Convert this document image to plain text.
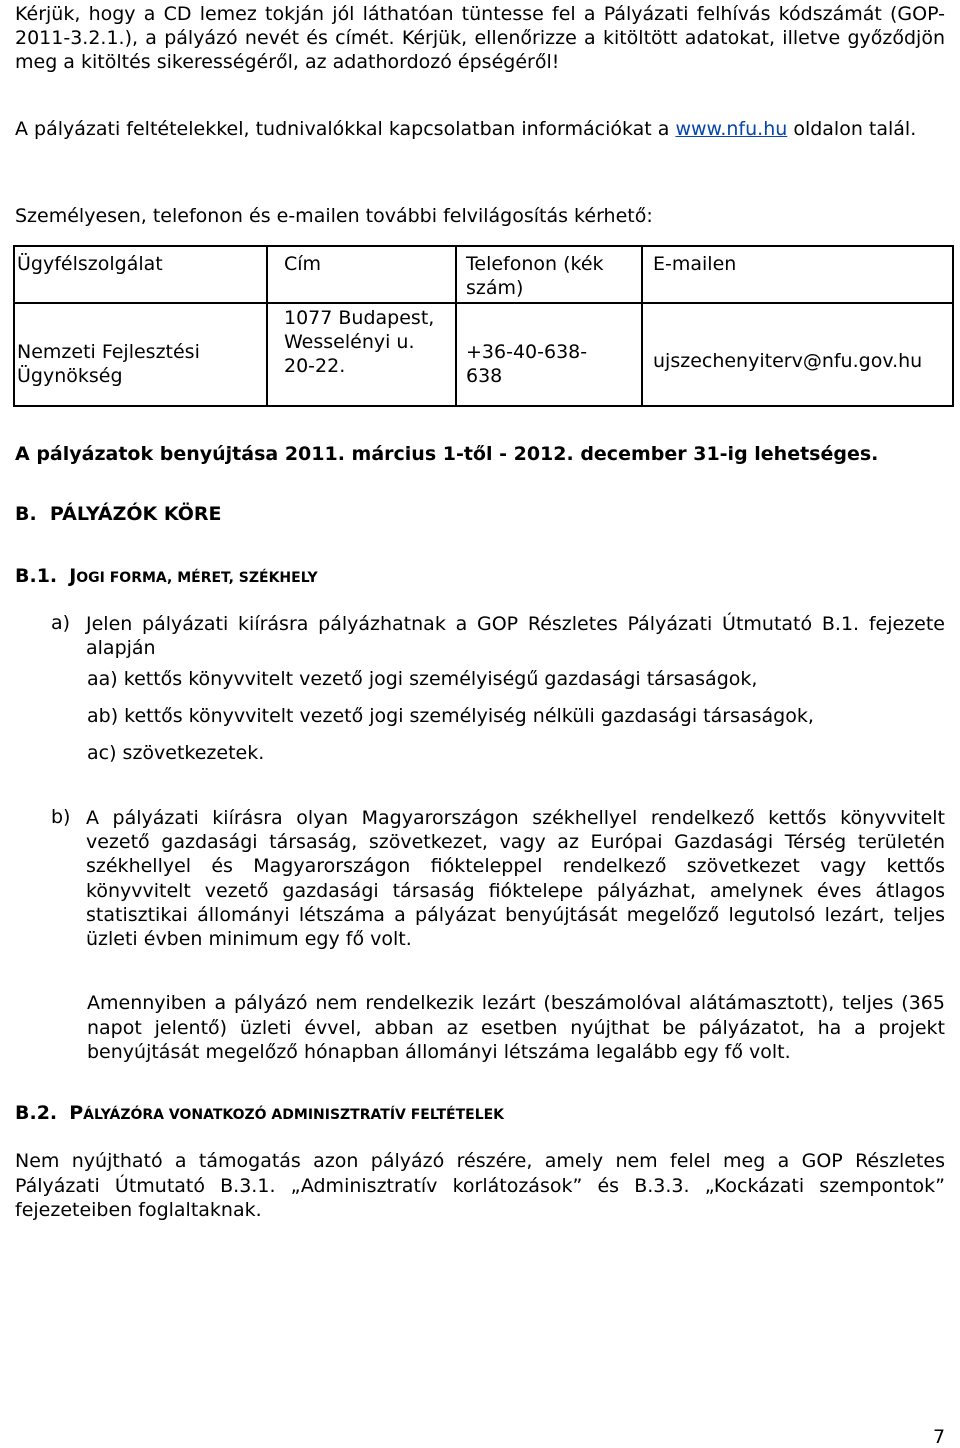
Kérjük, hogy a CD lemez tokján jól láthatóan tüntesse fel a Pályázati felhívás kódszámát (GOP-2011-3.2.1.), a pályázó nevét és címét. Kérjük, ellenőrizze a kitöltött adatokat, illetve győződjön meg a kitöltés sikerességéről, az adathordozó épségéről!

A pályázati feltételekkel, tudnivalókkal kapcsolatban információkat a www.nfu.hu oldalon talál.

Személyesen, telefonon és e-mailen további felvilágosítás kérhető:

Ügyfélszolgálat	Cím	Telefonon (kék szám)	E-mailen

Nemzeti Fejlesztési Ügynökség	1077 Budapest, Wesselényi u. 20-22.	+36-40-638-638	ujszechenyiterv@nfu.gov.hu

A pályázatok benyújtása 2011. március 1-től - 2012. december 31-ig lehetséges.

B.  PÁLYÁZÓK KÖRE

B.1. JOGI FORMA, MÉRET, SZÉKHELY

a) Jelen pályázati kiírásra pályázhatnak a GOP Részletes Pályázati Útmutató B.1. fejezete alapján

aa) kettős könyvvitelt vezető jogi személyiségű gazdasági társaságok,

ab) kettős könyvvitelt vezető jogi személyiség nélküli gazdasági társaságok,

ac) szövetkezetek.

b) A pályázati kiírásra olyan Magyarországon székhellyel rendelkező kettős könyvvitelt vezető gazdasági társaság, szövetkezet, vagy az Európai Gazdasági Térség területén székhellyel és Magyarországon fiókteleppel rendelkező szövetkezet vagy kettős könyvvitelt vezető gazdasági társaság fióktelepe pályázhat, amelynek éves átlagos statisztikai állományi létszáma a pályázat benyújtását megelőző legutolsó lezárt, teljes üzleti évben minimum egy fő volt.

Amennyiben a pályázó nem rendelkezik lezárt (beszámolóval alátámasztott), teljes (365 napot jelentő) üzleti évvel, abban az esetben nyújthat be pályázatot, ha a projekt benyújtását megelőző hónapban állományi létszáma legalább egy fő volt.

B.2. PÁLYÁZÓRA VONATKOZÓ ADMINISZTRATÍV FELTÉTELEK

Nem nyújtható a támogatás azon pályázó részére, amely nem felel meg a GOP Részletes Pályázati Útmutató B.3.1. „Adminisztratív korlátozások” és B.3.3. „Kockázati szempontok” fejezeteiben foglaltaknak.

7
